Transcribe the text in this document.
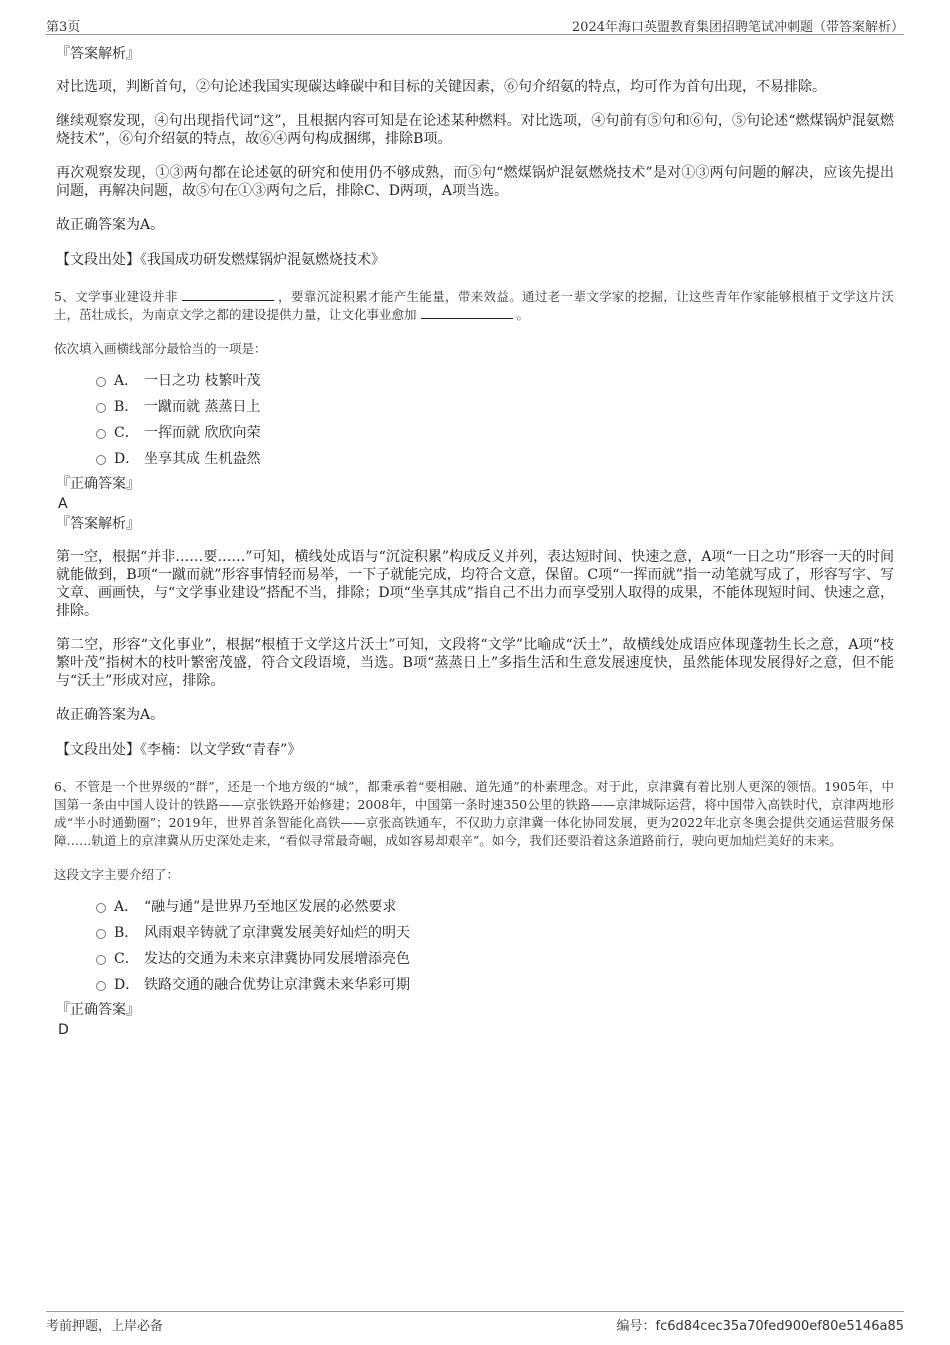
第3页	2024年海口英盟教育集团招聘笔试冲刺题（带答案解析）
『答案解析』

对比选项，判断首句，②句论述我国实现碳达峰碳中和目标的关键因素，⑥句介绍氨的特点，均可作为首句出现，不易排除。

继续观察发现，④句出现指代词“这”，且根据内容可知是在论述某种燃料。对比选项，④句前有⑤句和⑥句，⑤句论述“燃煤锅炉混氨燃烧技术”，⑥句介绍氨的特点，故⑥④两句构成捆绑，排除B项。

再次观察发现，①③两句都在论述氨的研究和使用仍不够成熟，而⑤句“燃煤锅炉混氨燃烧技术”是对①③两句问题的解决，应该先提出问题，再解决问题，故⑤句在①③两句之后，排除C、D两项，A项当选。

故正确答案为A。

【文段出处】《我国成功研发燃煤锅炉混氨燃烧技术》

5、文学事业建设并非	，要靠沉淀积累才能产生能量，带来效益。通过老一辈文学家的挖掘，让这些青年作家能够根植于文学这片沃土，茁壮成长，为南京文学之都的建设提供力量，让文化事业愈加	。

依次填入画横线部分最恰当的一项是：

A． 一日之功 枝繁叶茂
B． 一蹴而就 蒸蒸日上
C． 一挥而就 欣欣向荣
D． 坐享其成 生机盎然
『正确答案』
A
『答案解析』

第一空，根据“并非……要……”可知，横线处成语与“沉淀积累”构成反义并列，表达短时间、快速之意，A项“一日之功”形容一天的时间就能做到，B项“一蹴而就”形容事情轻而易举，一下子就能完成，均符合文意，保留。C项“一挥而就”指一动笔就写成了，形容写字、写文章、画画快，与“文学事业建设”搭配不当，排除；D项“坐享其成”指自己不出力而享受别人取得的成果，不能体现短时间、快速之意，排除。

第二空，形容“文化事业”，根据“根植于文学这片沃土”可知，文段将“文学”比喻成“沃土”，故横线处成语应体现蓬勃生长之意，A项“枝繁叶茂”指树木的枝叶繁密茂盛，符合文段语境，当选。B项“蒸蒸日上”多指生活和生意发展速度快，虽然能体现发展得好之意，但不能与“沃土”形成对应，排除。

故正确答案为A。

【文段出处】《李楠：以文学致“青春”》

6、不管是一个世界级的“群”，还是一个地方级的“城”，都秉承着“要相融、道先通”的朴素理念。对于此，京津冀有着比别人更深的领悟。1905年，中国第一条由中国人设计的铁路——京张铁路开始修建；2008年，中国第一条时速350公里的铁路——京津城际运营，将中国带入高铁时代，京津两地形成“半小时通勤圈”；2019年，世界首条智能化高铁——京张高铁通车，不仅助力京津冀一体化协同发展，更为2022年北京冬奥会提供交通运营服务保障……轨道上的京津冀从历史深处走来，“看似寻常最奇崛，成如容易却艰辛”。如今，我们还要沿着这条道路前行，驶向更加灿烂美好的未来。

这段文字主要介绍了：

A． “融与通”是世界乃至地区发展的必然要求
B． 风雨艰辛铸就了京津冀发展美好灿烂的明天
C． 发达的交通为未来京津冀协同发展增添亮色
D． 铁路交通的融合优势让京津冀未来华彩可期
『正确答案』
D
考前押题，上岸必备	编号：fc6d84cec35a70fed900ef80e5146a85
